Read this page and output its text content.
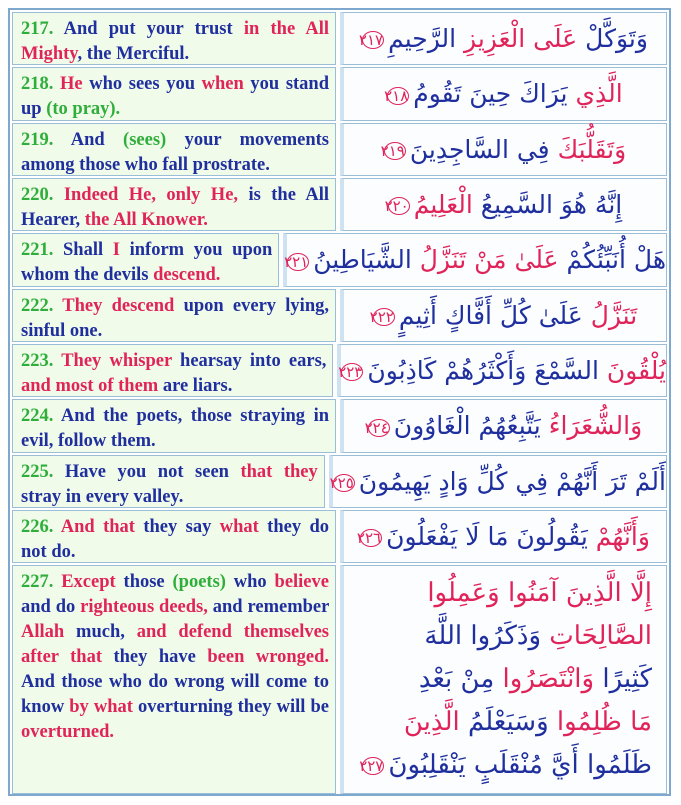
217. And put your trust in the All Mighty, the Merciful.
وَتَوَكَّلْ عَلَى الْعَزِيزِ الرَّحِيمِ٢١٧
218. He who sees you when you stand up (to pray).
الَّذِي يَرَاكَ حِينَ تَقُومُ٢١٨
219. And (sees) your movements among those who fall prostrate.
وَتَقَلُّبَكَ فِي السَّاجِدِينَ٢١٩
220. Indeed He, only He, is the All Hearer, the All Knower.
إِنَّهُ هُوَ السَّمِيعُ الْعَلِيمُ٢٢٠
221. Shall I inform you upon whom the devils descend.
هَلْ أُنَبِّئُكُمْ عَلَىٰ مَنْ تَنَزَّلُ الشَّيَاطِينُ٢٢١
222. They descend upon every lying, sinful one.
تَنَزَّلُ عَلَىٰ كُلِّ أَفَّاكٍ أَثِيمٍ٢٢٢
223. They whisper hearsay into ears, and most of them are liars.
يُلْقُونَ السَّمْعَ وَأَكْثَرُهُمْ كَاذِبُونَ٢٢٣
224. And the poets, those straying in evil, follow them.
وَالشُّعَرَاءُ يَتَّبِعُهُمُ الْغَاوُونَ٢٢٤
225. Have you not seen that they stray in every valley.
أَلَمْ تَرَ أَنَّهُمْ فِي كُلِّ وَادٍ يَهِيمُونَ٢٢٥
226. And that they say what they do not do.
وَأَنَّهُمْ يَقُولُونَ مَا لَا يَفْعَلُونَ٢٢٦
227. Except those (poets) who believe and do righteous deeds, and remember Allah much, and defend themselves after that they have been wronged. And those who do wrong will come to know by what overturning they will be overturned.
إِلَّا الَّذِينَ آمَنُوا وَعَمِلُوا
الصَّالِحَاتِ وَذَكَرُوا اللَّهَ
كَثِيرًا وَانْتَصَرُوا مِنْ بَعْدِ
مَا ظُلِمُوا وَسَيَعْلَمُ الَّذِينَ
ظَلَمُوا أَيَّ مُنْقَلَبٍ يَنْقَلِبُونَ٢٢٧
